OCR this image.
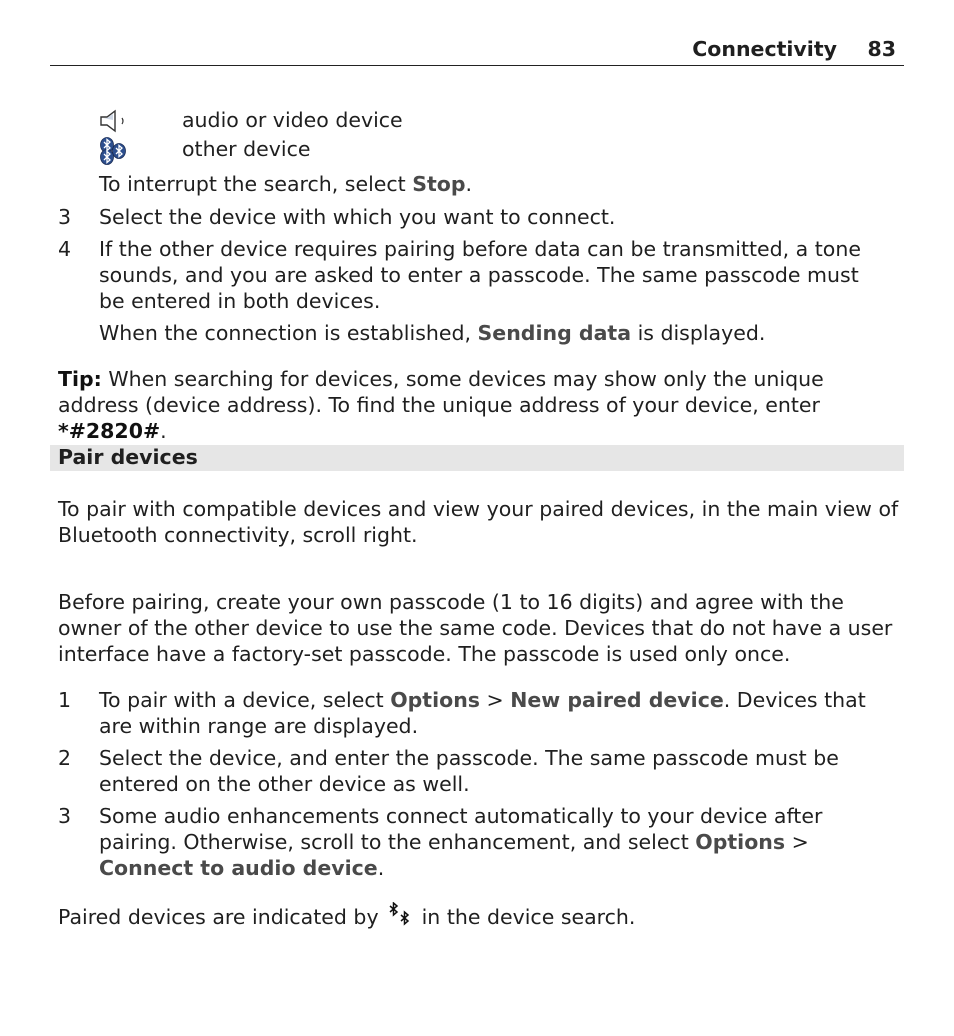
Connectivity 83
audio or video device
other device
To interrupt the search, select Stop.
3 Select the device with which you want to connect.
4 If the other device requires pairing before data can be transmitted, a tone sounds, and you are asked to enter a passcode. The same passcode must be entered in both devices.
When the connection is established, Sending data is displayed.
Tip: When searching for devices, some devices may show only the unique address (device address). To find the unique address of your device, enter *#2820#.
Pair devices
To pair with compatible devices and view your paired devices, in the main view of Bluetooth connectivity, scroll right.
Before pairing, create your own passcode (1 to 16 digits) and agree with the owner of the other device to use the same code. Devices that do not have a user interface have a factory-set passcode. The passcode is used only once.
1 To pair with a device, select Options > New paired device. Devices that are within range are displayed.
2 Select the device, and enter the passcode. The same passcode must be entered on the other device as well.
3 Some audio enhancements connect automatically to your device after pairing. Otherwise, scroll to the enhancement, and select Options > Connect to audio device.
Paired devices are indicated by
in the device search.
